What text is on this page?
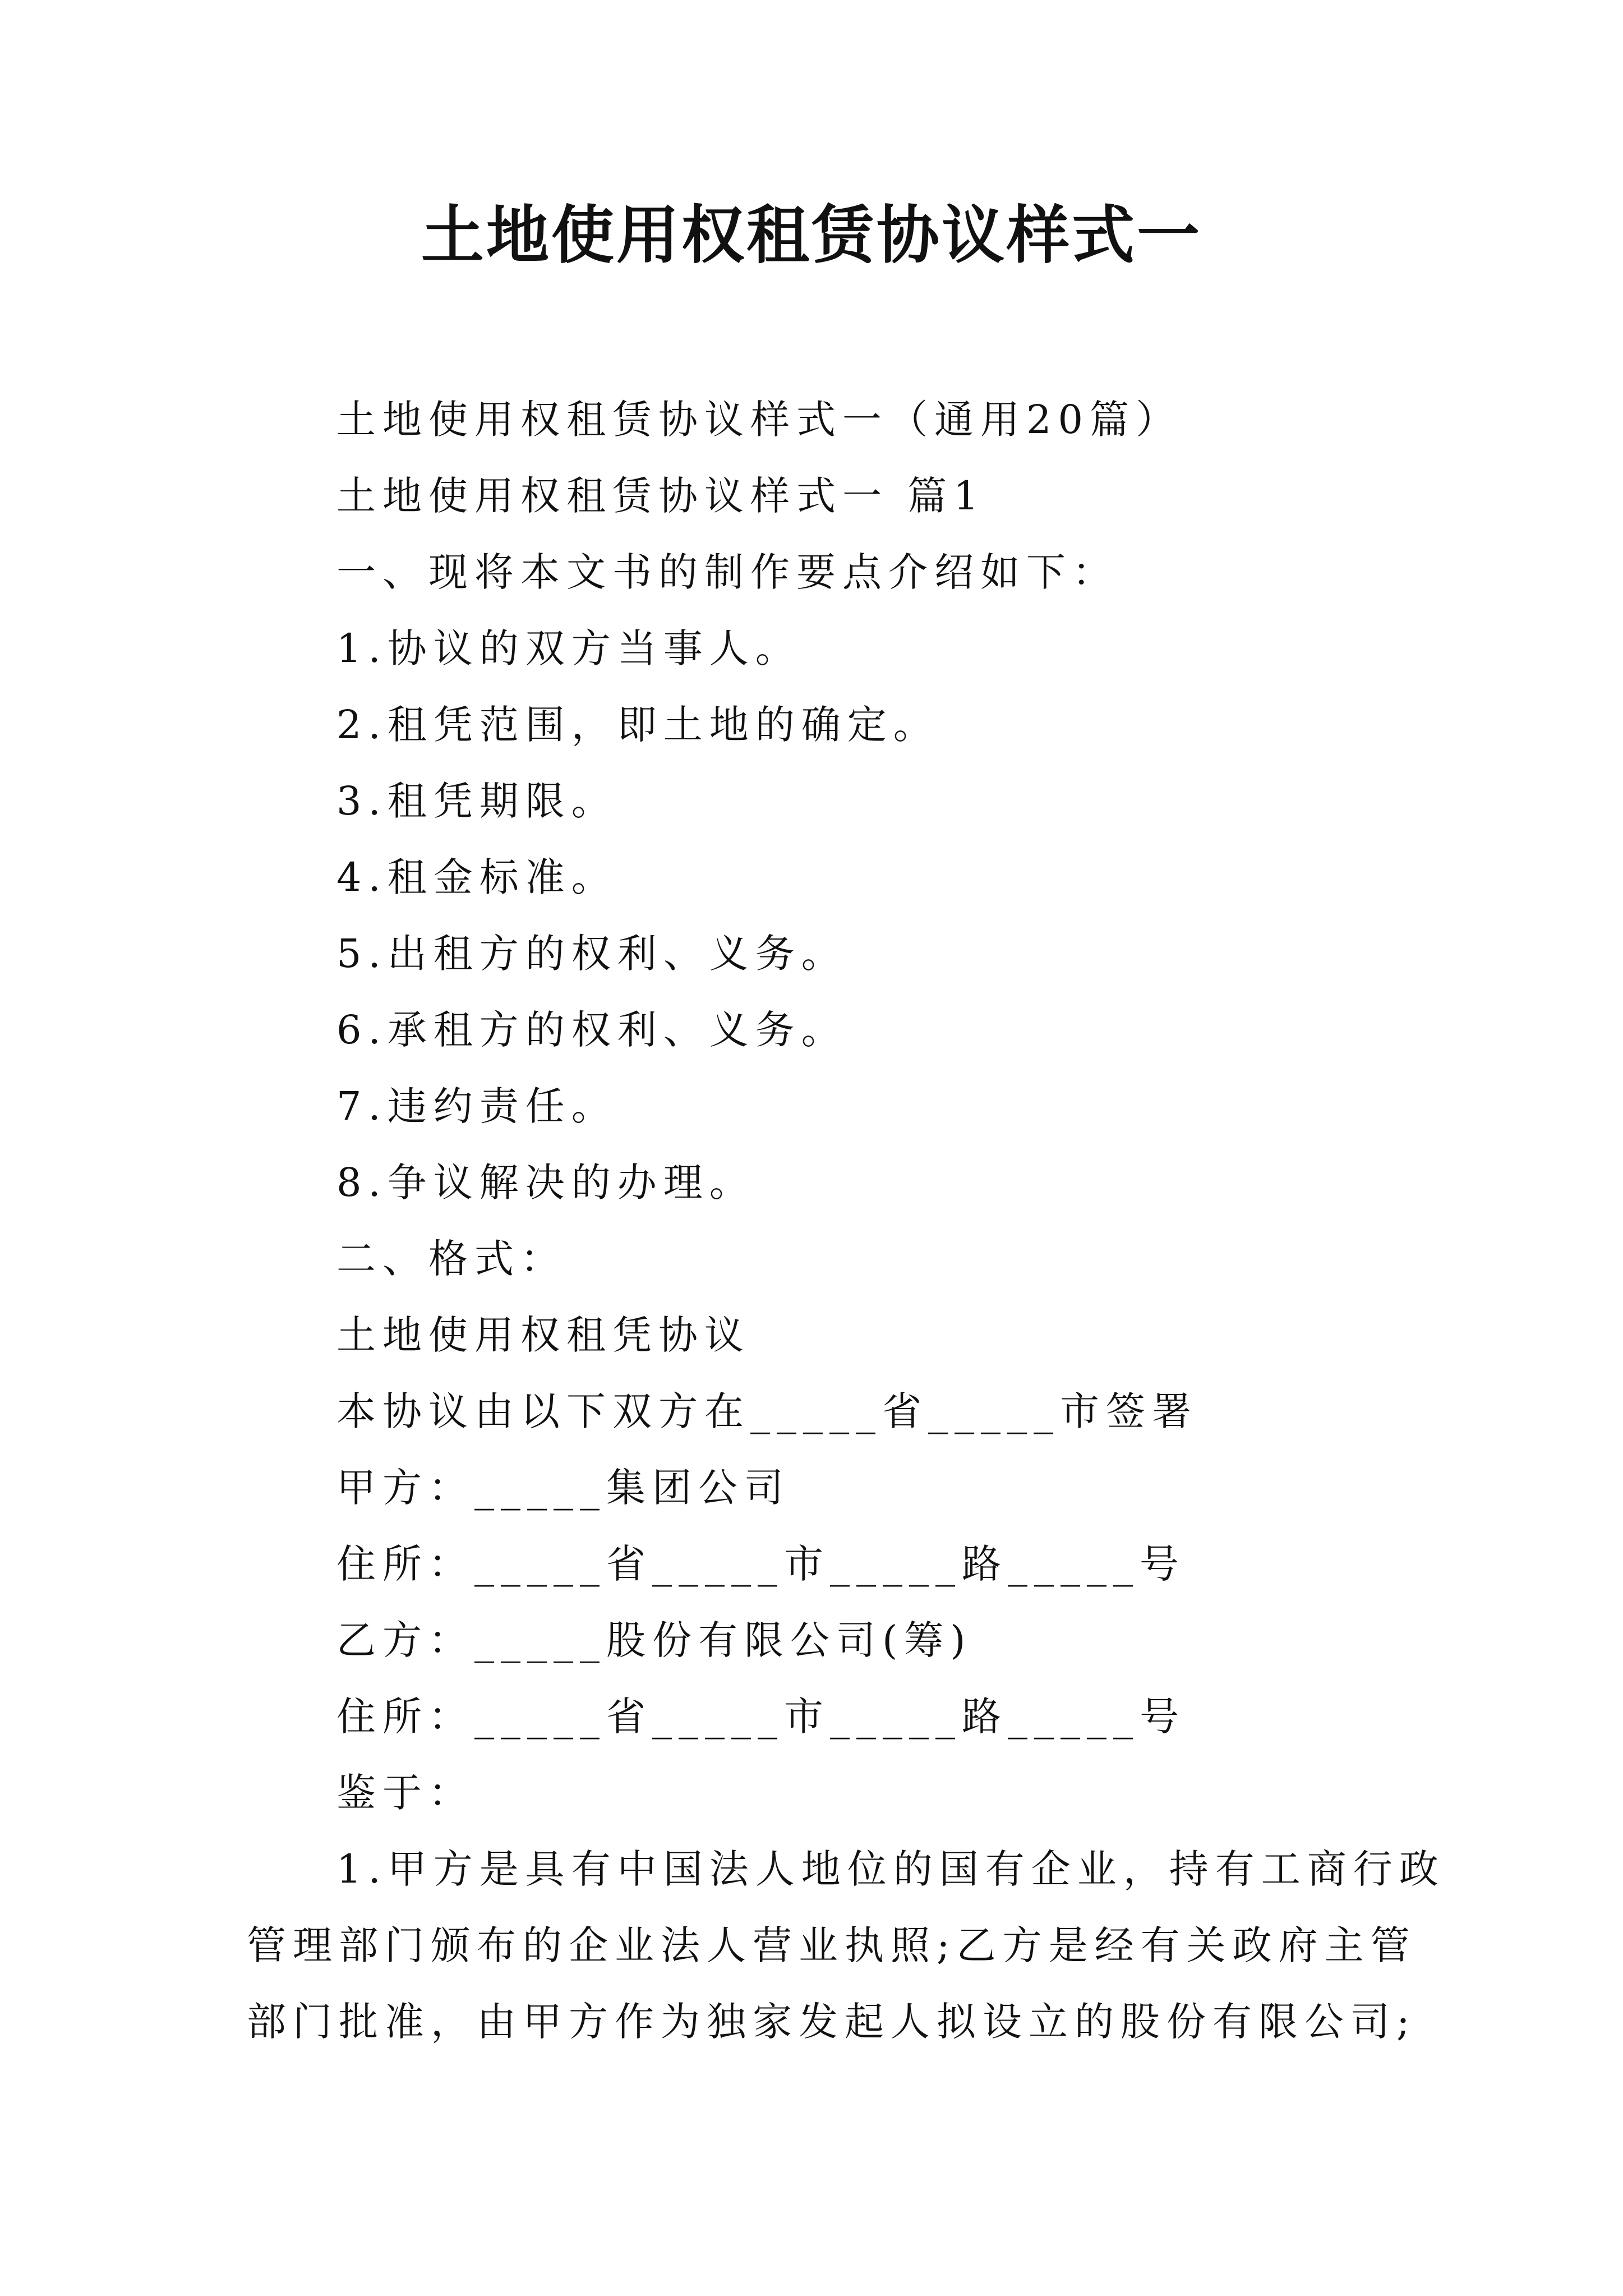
土地使用权租赁协议样式一
土地使用权租赁协议样式一（通用20篇）
土地使用权租赁协议样式一 篇1
一、现将本文书的制作要点介绍如下：
1.协议的双方当事人。
2.租凭范围，即土地的确定。
3.租凭期限。
4.租金标准。
5.出租方的权利、义务。
6.承租方的权利、义务。
7.违约责任。
8.争议解决的办理。
二、格式：
土地使用权租凭协议
本协议由以下双方在_____省_____市签署
甲方：_____集团公司
住所：_____省_____市_____路_____号
乙方：_____股份有限公司(筹)
住所：_____省_____市_____路_____号
鉴于：
1.甲方是具有中国法人地位的国有企业，持有工商行政
管理部门颁布的企业法人营业执照;乙方是经有关政府主管
部门批准，由甲方作为独家发起人拟设立的股份有限公司;
